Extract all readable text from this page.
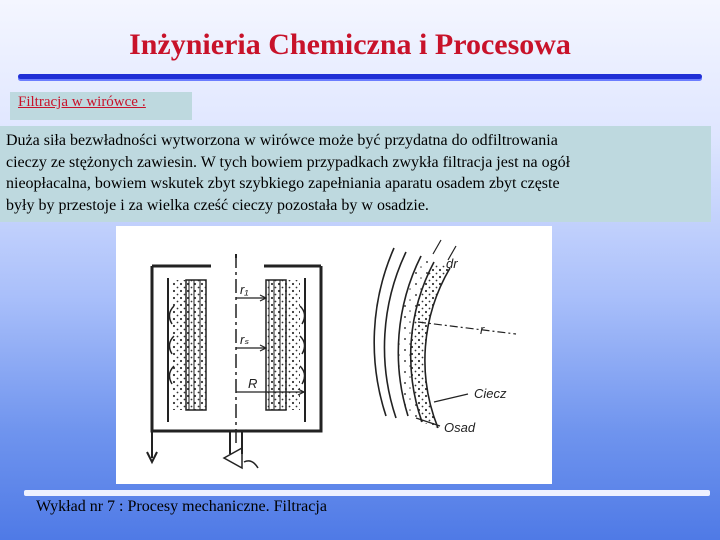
Inżynieria Chemiczna i Procesowa
Filtracja w wirówce :
Duża siła bezwładności wytworzona w wirówce może być przydatna do odfiltrowania
cieczy ze stężonych zawiesin. W tych bowiem przypadkach zwykła filtracja jest na ogół
nieopłacalna, bowiem wskutek zbyt szybkiego zapełniania aparatu osadem zbyt częste
były by przestoje i za wielka cześć cieczy pozostała by w osadzie.
r₁
rₛ
R
dr
r
Ciecz
Osad
Wykład nr 7 : Procesy mechaniczne. Filtracja
